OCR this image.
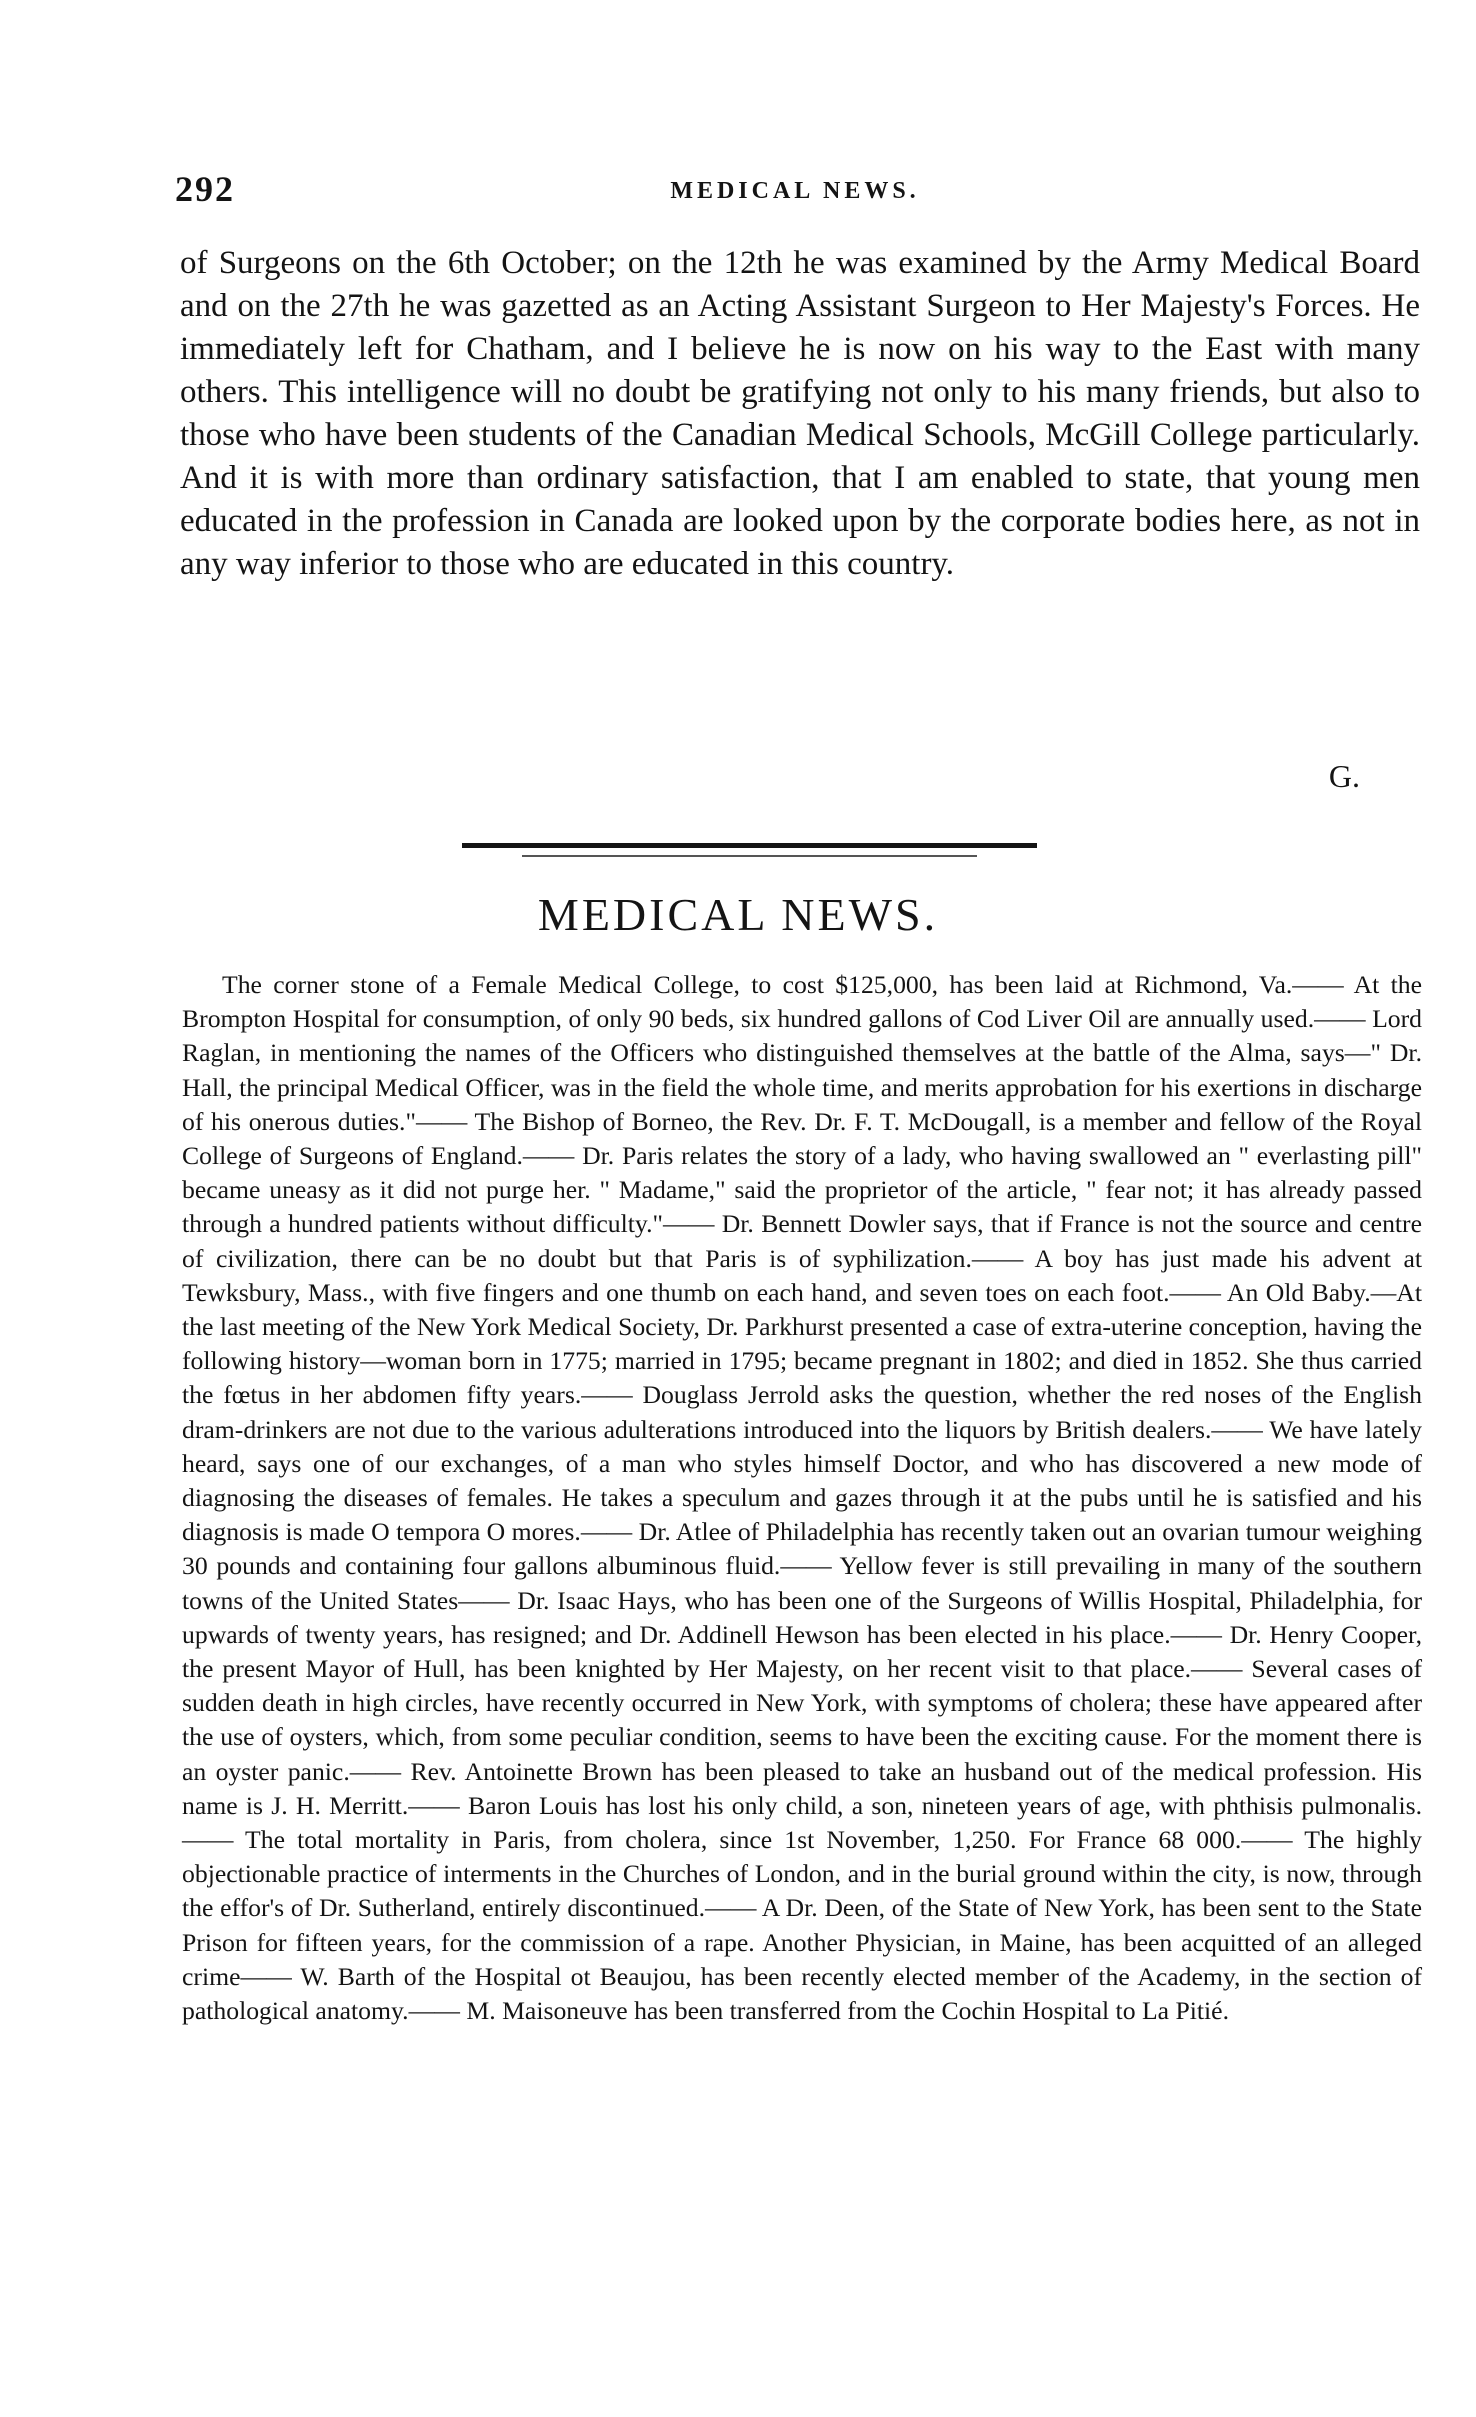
292	MEDICAL NEWS.

of Surgeons on the 6th October; on the 12th he was examined by the Army Medical Board and on the 27th he was gazetted as an Acting Assistant Surgeon to Her Majesty's Forces. He immediately left for Chatham, and I believe he is now on his way to the East with many others. This intelligence will no doubt be gratifying not only to his many friends, but also to those who have been students of the Canadian Medical Schools, McGill College particularly. And it is with more than ordinary satisfaction, that I am enabled to state, that young men educated in the profession in Canada are looked upon by the corporate bodies here, as not in any way inferior to those who are educated in this country.

G.
MEDICAL NEWS.

The corner stone of a Female Medical College, to cost $125,000, has been laid at Richmond, Va.—— At the Brompton Hospital for consumption, of only 90 beds, six hundred gallons of Cod Liver Oil are annually used.—— Lord Raglan, in mentioning the names of the Officers who distinguished themselves at the battle of the Alma, says—" Dr. Hall, the principal Medical Officer, was in the field the whole time, and merits approbation for his exertions in discharge of his onerous duties."—— The Bishop of Borneo, the Rev. Dr. F. T. McDougall, is a member and fellow of the Royal College of Surgeons of England.—— Dr. Paris relates the story of a lady, who having swallowed an " everlasting pill" became uneasy as it did not purge her. " Madame," said the proprietor of the article, " fear not; it has already passed through a hundred patients without difficulty."—— Dr. Bennett Dowler says, that if France is not the source and centre of civilization, there can be no doubt but that Paris is of syphilization.—— A boy has just made his advent at Tewksbury, Mass., with five fingers and one thumb on each hand, and seven toes on each foot.—— An Old Baby.—At the last meeting of the New York Medical Society, Dr. Parkhurst presented a case of extra-uterine conception, having the following history—woman born in 1775; married in 1795; became pregnant in 1802; and died in 1852. She thus carried the fœtus in her abdomen fifty years.—— Douglass Jerrold asks the question, whether the red noses of the English dram-drinkers are not due to the various adulterations introduced into the liquors by British dealers.—— We have lately heard, says one of our exchanges, of a man who styles himself Doctor, and who has discovered a new mode of diagnosing the diseases of females. He takes a speculum and gazes through it at the pubs until he is satisfied and his diagnosis is made O tempora O mores.—— Dr. Atlee of Philadelphia has recently taken out an ovarian tumour weighing 30 pounds and containing four gallons albuminous fluid.—— Yellow fever is still prevailing in many of the southern towns of the United States—— Dr. Isaac Hays, who has been one of the Surgeons of Willis Hospital, Philadelphia, for upwards of twenty years, has resigned; and Dr. Addinell Hewson has been elected in his place.—— Dr. Henry Cooper, the present Mayor of Hull, has been knighted by Her Majesty, on her recent visit to that place.—— Several cases of sudden death in high circles, have recently occurred in New York, with symptoms of cholera; these have appeared after the use of oysters, which, from some peculiar condition, seems to have been the exciting cause. For the moment there is an oyster panic.—— Rev. Antoinette Brown has been pleased to take an husband out of the medical profession. His name is J. H. Merritt.—— Baron Louis has lost his only child, a son, nineteen years of age, with phthisis pulmonalis.—— The total mortality in Paris, from cholera, since 1st November, 1,250. For France 68 000.—— The highly objectionable practice of interments in the Churches of London, and in the burial ground within the city, is now, through the effor's of Dr. Sutherland, entirely discontinued.—— A Dr. Deen, of the State of New York, has been sent to the State Prison for fifteen years, for the commission of a rape. Another Physician, in Maine, has been acquitted of an alleged crime—— W. Barth of the Hospital ot Beaujou, has been recently elected member of the Academy, in the section of pathological anatomy.—— M. Maisoneuve has been transferred from the Cochin Hospital to La Pitié.
